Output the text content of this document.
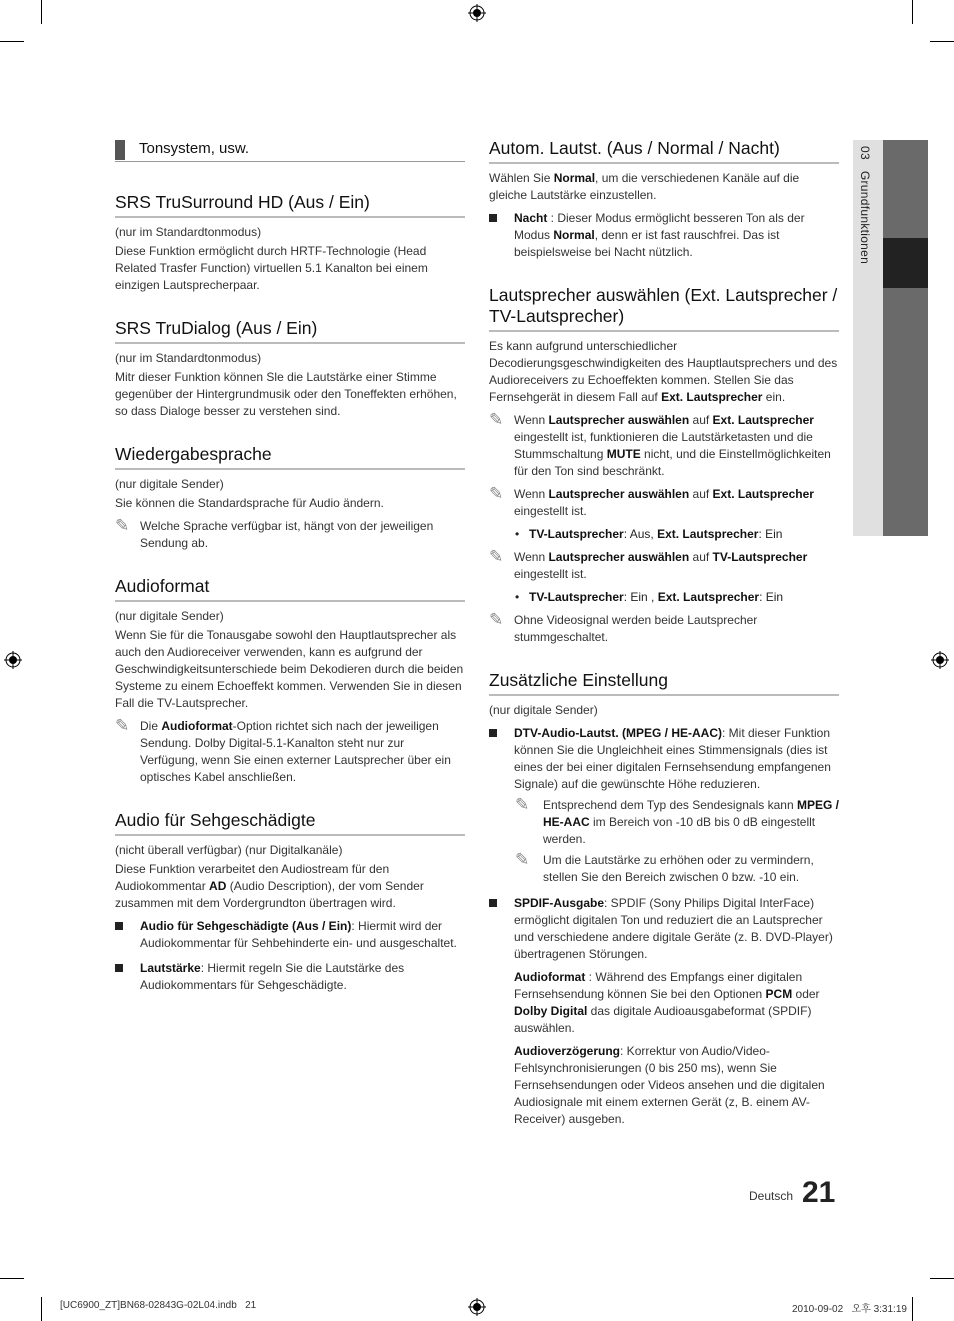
03   Grundfunktionen
Tonsystem, usw.
SRS TruSurround HD (Aus / Ein)

(nur im Standardtonmodus)

Diese Funktion ermöglicht durch HRTF-Technologie (Head Related Trasfer Function) virtuellen 5.1 Kanalton bei einem einzigen Lautsprecherpaar.

SRS TruDialog (Aus / Ein)

(nur im Standardtonmodus)

Mitr dieser Funktion können Sle die Lautstärke einer Stimme gegenüber der Hintergrundmusik oder den Toneffekten erhöhen, so dass Dialoge besser zu verstehen sind.

Wiedergabesprache

(nur digitale Sender)

Sie können die Standardsprache für Audio ändern.

✎ Welche Sprache verfügbar ist, hängt von der jeweiligen Sendung ab.
Audioformat

(nur digitale Sender)

Wenn Sie für die Tonausgabe sowohl den Hauptlautsprecher als auch den Audioreceiver verwenden, kann es aufgrund der Geschwindigkeitsunterschiede beim Dekodieren durch die beiden Systeme zu einem Echoeffekt kommen. Verwenden Sie in diesen Fall die TV-Lautsprecher.

✎ Die Audioformat-Option richtet sich nach der jeweiligen Sendung. Dolby Digital-5.1-Kanalton steht nur zur Verfügung, wenn Sie einen externer Lautsprecher über ein optisches Kabel anschließen.
Audio für Sehgeschädigte

(nicht überall verfügbar) (nur Digitalkanäle)

Diese Funktion verarbeitet den Audiostream für den Audiokommentar AD (Audio Description), der vom Sender zusammen mit dem Vordergrundton übertragen wird.

Audio für Sehgeschädigte (Aus / Ein): Hiermit wird der Audiokommentar für Sehbehinderte ein- und ausgeschaltet.
Lautstärke: Hiermit regeln Sie die Lautstärke des Audiokommentars für Sehgeschädigte.
Autom. Lautst. (Aus / Normal / Nacht)

Wählen Sie Normal, um die verschiedenen Kanäle auf die gleiche Lautstärke einzustellen.

Nacht : Dieser Modus ermöglicht besseren Ton als der Modus Normal, denn er ist fast rauschfrei. Das ist beispielsweise bei Nacht nützlich.
Lautsprecher auswählen (Ext. Lautsprecher / TV-Lautsprecher)

Es kann aufgrund unterschiedlicher Decodierungsgeschwindigkeiten des Hauptlautsprechers und des Audioreceivers zu Echoeffekten kommen. Stellen Sie das Fernsehgerät in diesem Fall auf Ext. Lautsprecher ein.

✎ Wenn Lautsprecher auswählen auf Ext. Lautsprecher eingestellt ist, funktionieren die Lautstärketasten und die Stummschaltung MUTE nicht, und die Einstellmöglichkeiten für den Ton sind beschränkt.
✎ Wenn Lautsprecher auswählen auf Ext. Lautsprecher eingestellt ist.
• TV-Lautsprecher: Aus, Ext. Lautsprecher: Ein
✎ Wenn Lautsprecher auswählen auf TV-Lautsprecher eingestellt ist.
• TV-Lautsprecher: Ein , Ext. Lautsprecher: Ein
✎ Ohne Videosignal werden beide Lautsprecher stummgeschaltet.
Zusätzliche Einstellung

(nur digitale Sender)

DTV-Audio-Lautst. (MPEG / HE-AAC): Mit dieser Funktion können Sie die Ungleichheit eines Stimmensignals (dies ist eines der bei einer digitalen Fernsehsendung empfangenen Signale) auf die gewünschte Höhe reduzieren.
✎ Entsprechend dem Typ des Sendesignals kann MPEG / HE-AAC im Bereich von -10 dB bis 0 dB eingestellt werden.
✎ Um die Lautstärke zu erhöhen oder zu vermindern, stellen Sie den Bereich zwischen 0 bzw. -10 ein.
SPDIF-Ausgabe: SPDIF (Sony Philips Digital InterFace) ermöglicht digitalen Ton und reduziert die an Lautsprecher und verschiedene andere digitale Geräte (z. B. DVD-Player) übertragenen Störungen.
Audioformat : Während des Empfangs einer digitalen Fernsehsendung können Sie bei den Optionen PCM oder Dolby Digital das digitale Audioausgabeformat (SPDIF) auswählen.
Audioverzögerung: Korrektur von Audio/Video-Fehlsynchronisierungen (0 bis 250 ms), wenn Sie Fernsehsendungen oder Videos ansehen und die digitalen Audiosignale mit einem externen Gerät (z, B. einem AV-Receiver) ausgeben.
Deutsch 21
[UC6900_ZT]BN68-02843G-02L04.indb   21	2010-09-02   오후 3:31:19
